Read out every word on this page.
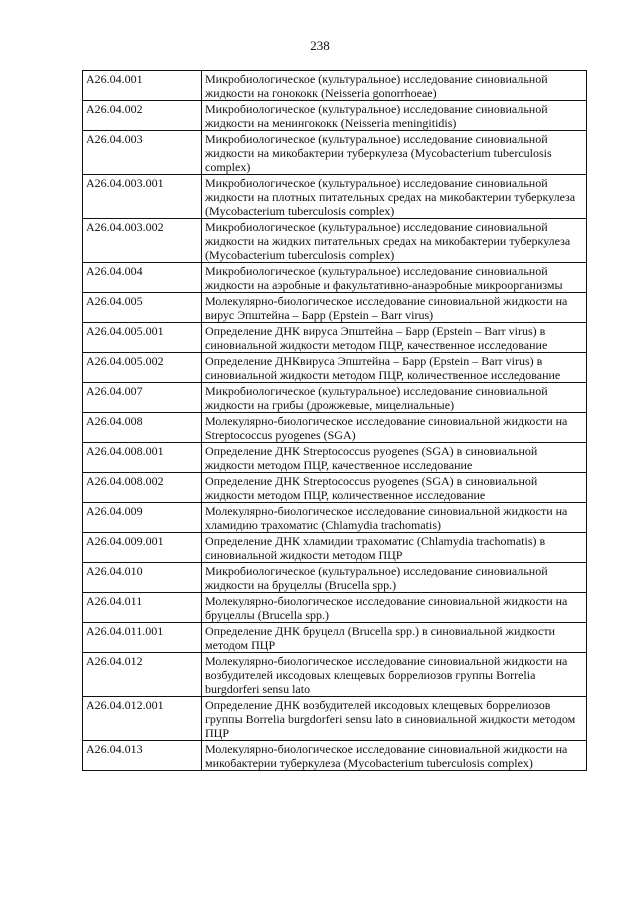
238
A26.04.001	Микробиологическое (культуральное) исследование синовиальной жидкости на гонококк (Neisseria gonorrhoeae)
A26.04.002	Микробиологическое (культуральное) исследование синовиальной жидкости на менингококк (Neisseria meningitidis)
A26.04.003	Микробиологическое (культуральное) исследование синовиальной жидкости на микобактерии туберкулеза (Mycobacterium tuberculosis complex)
A26.04.003.001	Микробиологическое (культуральное) исследование синовиальной жидкости на плотных питательных средах на микобактерии туберкулеза (Mycobacterium tuberculosis complex)
A26.04.003.002	Микробиологическое (культуральное) исследование синовиальной жидкости на жидких питательных средах на микобактерии туберкулеза (Mycobacterium tuberculosis complex)
A26.04.004	Микробиологическое (культуральное) исследование синовиальной жидкости на аэробные и факультативно-анаэробные микроорганизмы
A26.04.005	Молекулярно-биологическое исследование синовиальной жидкости на вирус Эпштейна – Барр (Epstein – Barr virus)
A26.04.005.001	Определение ДНК вируса Эпштейна – Барр (Epstein – Barr virus) в синовиальной жидкости методом ПЦР, качественное исследование
A26.04.005.002	Определение ДНКвируса Эпштейна – Барр (Epstein – Barr virus) в синовиальной жидкости методом ПЦР, количественное исследование
A26.04.007	Микробиологическое (культуральное) исследование синовиальной жидкости на грибы (дрожжевые, мицелиальные)
A26.04.008	Молекулярно-биологическое исследование синовиальной жидкости на Streptococcus pyogenes (SGA)
A26.04.008.001	Определение ДНК Streptococcus pyogenes (SGA) в синовиальной жидкости методом ПЦР, качественное исследование
A26.04.008.002	Определение ДНК Streptococcus pyogenes (SGA) в синовиальной жидкости методом ПЦР, количественное исследование
A26.04.009	Молекулярно-биологическое исследование синовиальной жидкости на хламидию трахоматис (Chlamydia trachomatis)
A26.04.009.001	Определение ДНК хламидии трахоматис (Chlamydia trachomatis) в синовиальной жидкости методом ПЦР
A26.04.010	Микробиологическое (культуральное) исследование синовиальной жидкости на бруцеллы (Brucella spp.)
A26.04.011	Молекулярно-биологическое исследование синовиальной жидкости на бруцеллы (Brucella spp.)
A26.04.011.001	Определение ДНК бруцелл (Brucella spp.) в синовиальной жидкости методом ПЦР
A26.04.012	Молекулярно-биологическое исследование синовиальной жидкости на возбудителей иксодовых клещевых боррелиозов группы Borrelia burgdorferi sensu lato
A26.04.012.001	Определение ДНК возбудителей иксодовых клещевых боррелиозов группы Borrelia burgdorferi sensu lato в синовиальной жидкости методом ПЦР
A26.04.013	Молекулярно-биологическое исследование синовиальной жидкости на микобактерии туберкулеза (Mycobacterium tuberculosis complex)
